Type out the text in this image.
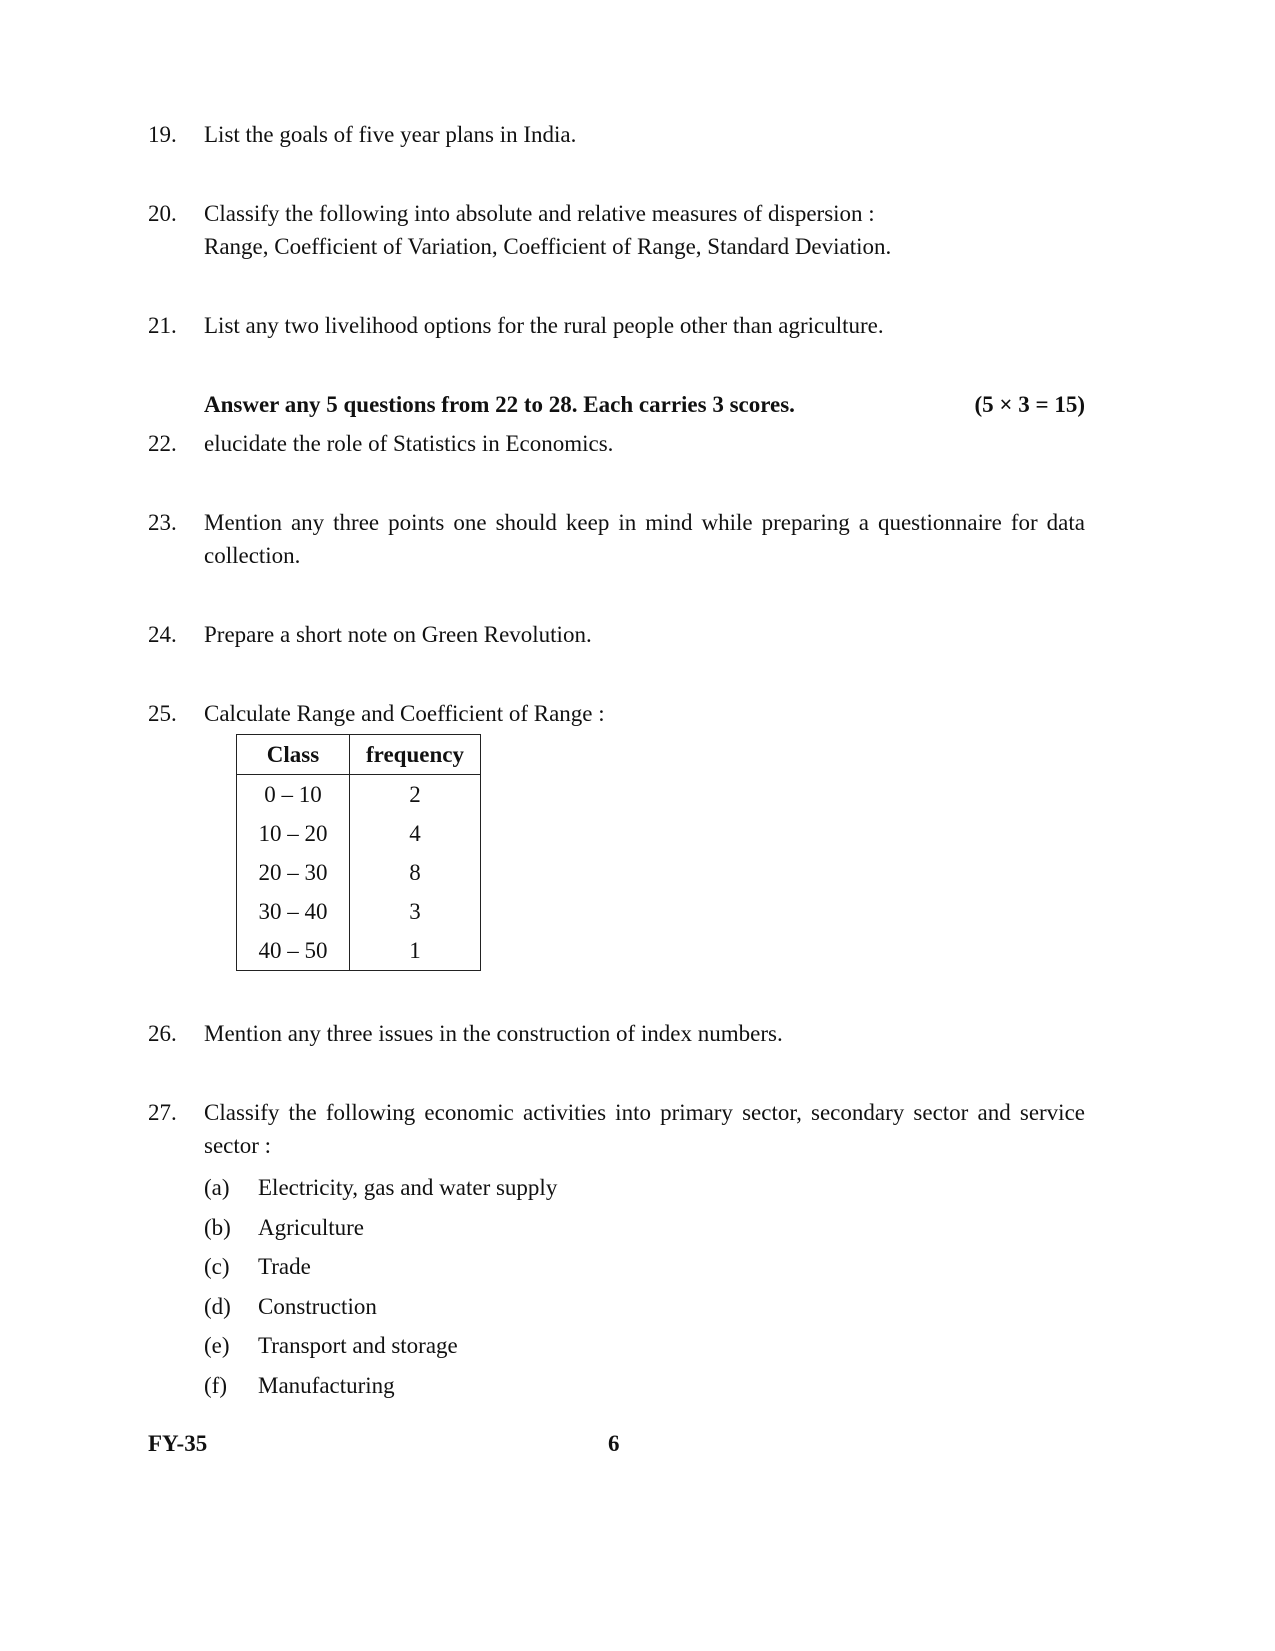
19.	List the goals of five year plans in India.

20.	Classify the following into absolute and relative measures of dispersion :

Range, Coefficient of Variation, Coefficient of Range, Standard Deviation.

21.	List any two livelihood options for the rural people other than agriculture.

Answer any 5 questions from 22 to 28. Each carries 3 scores.	(5 × 3 = 15)
22.	elucidate the role of Statistics in Economics.

23.	Mention any three points one should keep in mind while preparing a questionnaire for data collection.

24.	Prepare a short note on Green Revolution.

25.	Calculate Range and Coefficient of Range :

Class	frequency
0 – 10	2
10 – 20	4
20 – 30	8
30 – 40	3
40 – 50	1
26.	Mention any three issues in the construction of index numbers.

27.	Classify the following economic activities into primary sector, secondary sector and service sector :

(a)	Electricity, gas and water supply
(b)	Agriculture
(c)	Trade
(d)	Construction
(e)	Transport and storage
(f)	Manufacturing
FY-35	6
